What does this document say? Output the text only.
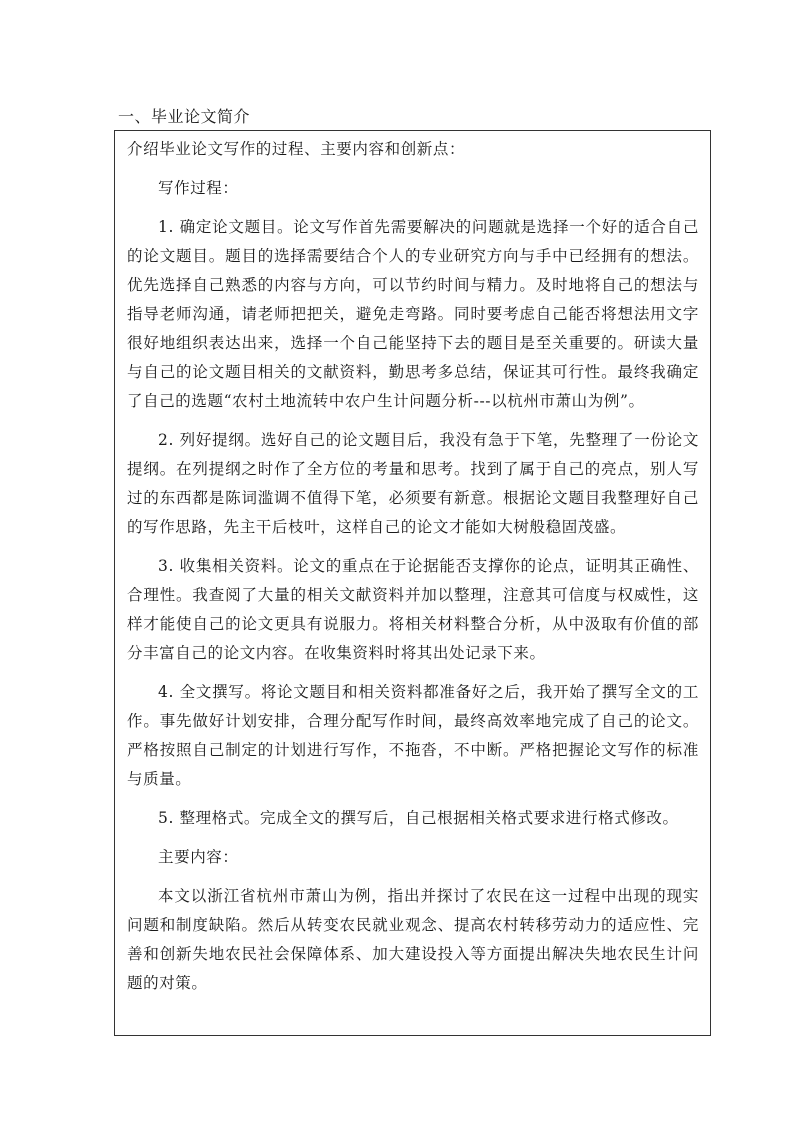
一、毕业论文简介

介绍毕业论文写作的过程、主要内容和创新点：

写作过程：

1. 确定论文题目。论文写作首先需要解决的问题就是选择一个好的适合自己的论文题目。题目的选择需要结合个人的专业研究方向与手中已经拥有的想法。优先选择自己熟悉的内容与方向，可以节约时间与精力。及时地将自己的想法与指导老师沟通，请老师把把关，避免走弯路。同时要考虑自己能否将想法用文字很好地组织表达出来，选择一个自己能坚持下去的题目是至关重要的。研读大量与自己的论文题目相关的文献资料，勤思考多总结，保证其可行性。最终我确定了自己的选题“农村土地流转中农户生计问题分析---以杭州市萧山为例”。

2. 列好提纲。选好自己的论文题目后，我没有急于下笔，先整理了一份论文提纲。在列提纲之时作了全方位的考量和思考。找到了属于自己的亮点，别人写过的东西都是陈词滥调不值得下笔，必须要有新意。根据论文题目我整理好自己的写作思路，先主干后枝叶，这样自己的论文才能如大树般稳固茂盛。

3. 收集相关资料。论文的重点在于论据能否支撑你的论点，证明其正确性、合理性。我查阅了大量的相关文献资料并加以整理，注意其可信度与权威性，这样才能使自己的论文更具有说服力。将相关材料整合分析，从中汲取有价值的部分丰富自己的论文内容。在收集资料时将其出处记录下来。

4. 全文撰写。将论文题目和相关资料都准备好之后，我开始了撰写全文的工作。事先做好计划安排，合理分配写作时间，最终高效率地完成了自己的论文。严格按照自己制定的计划进行写作，不拖沓，不中断。严格把握论文写作的标准与质量。

5. 整理格式。完成全文的撰写后，自己根据相关格式要求进行格式修改。

主要内容：

本文以浙江省杭州市萧山为例，指出并探讨了农民在这一过程中出现的现实问题和制度缺陷。然后从转变农民就业观念、提高农村转移劳动力的适应性、完善和创新失地农民社会保障体系、加大建设投入等方面提出解决失地农民生计问题的对策。
